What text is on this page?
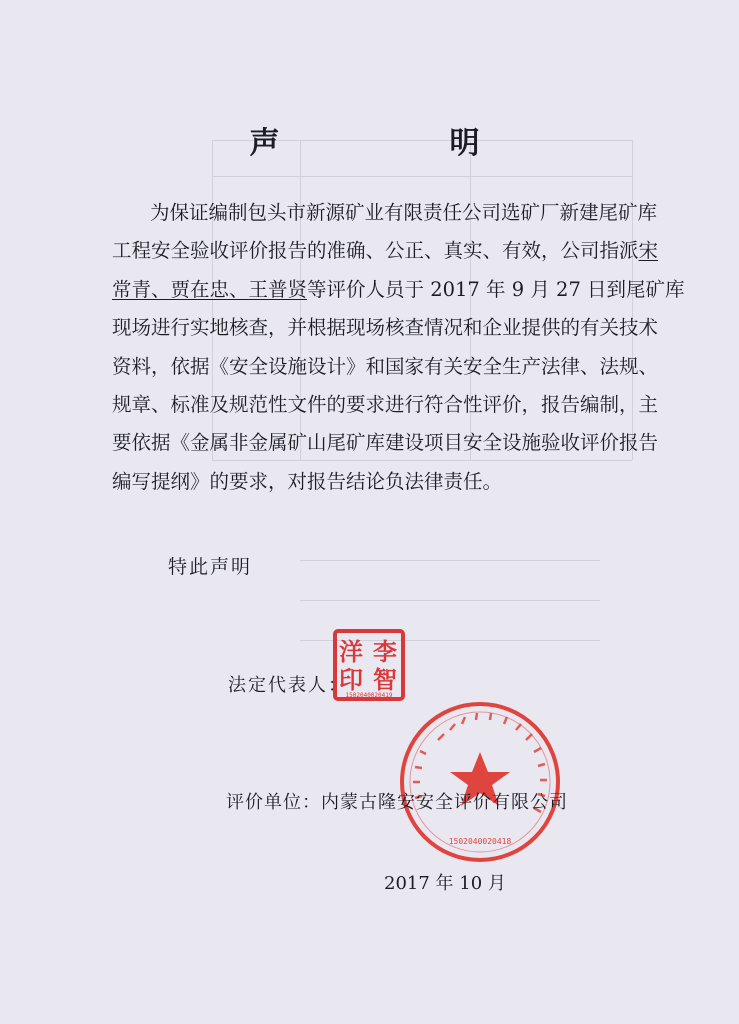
声　明
为保证编制包头市新源矿业有限责任公司选矿厂新建尾矿库
工程安全验收评价报告的准确、公正、真实、有效，公司指派宋
常青、贾在忠、王普贤等评价人员于 2017 年 9 月 27 日到尾矿库
现场进行实地核查，并根据现场核查情况和企业提供的有关技术
资料，依据《安全设施设计》和国家有关安全生产法律、法规、
规章、标准及规范性文件的要求进行符合性评价，报告编制，主
要依据《金属非金属矿山尾矿库建设项目安全设施验收评价报告
编写提纲》的要求，对报告结论负法律责任。
特此声明
法定代表人：
洋 李
印 智
1502040020419
1502040020418
评价单位：内蒙古隆安安全评价有限公司
2017 年 10 月
